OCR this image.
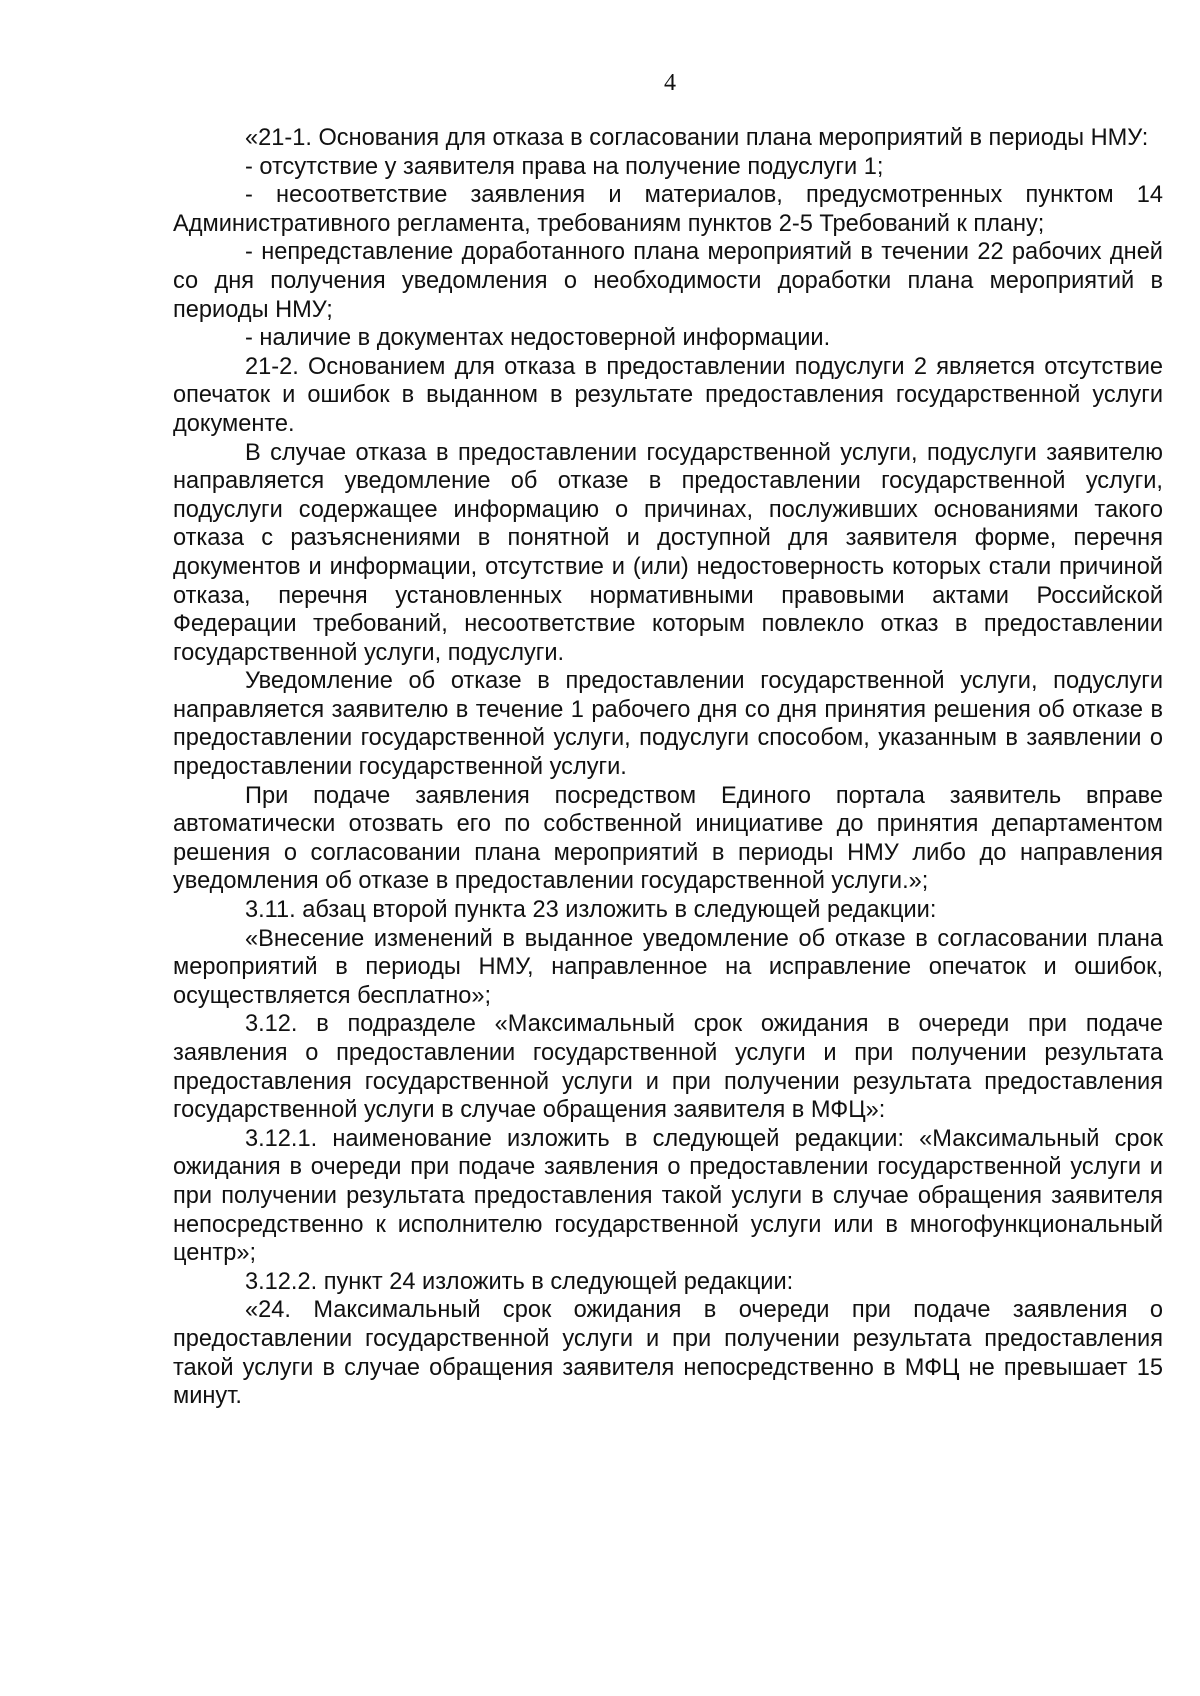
4

«21-1. Основания для отказа в согласовании плана мероприятий в периоды НМУ:

- отсутствие у заявителя права на получение подуслуги 1;

- несоответствие заявления и материалов, предусмотренных пунктом 14 Административного регламента, требованиям пунктов 2-5 Требований к плану;

- непредставление доработанного плана мероприятий в течении 22 рабочих дней со дня получения уведомления о необходимости доработки плана мероприятий в периоды НМУ;

- наличие в документах недостоверной информации.

21-2. Основанием для отказа в предоставлении подуслуги 2 является отсутствие опечаток и ошибок в выданном в результате предоставления государственной услуги документе.

В случае отказа в предоставлении государственной услуги, подуслуги заявителю направляется уведомление об отказе в предоставлении государственной услуги, подуслуги содержащее информацию о причинах, послуживших основаниями такого отказа с разъяснениями в понятной и доступной для заявителя форме, перечня документов и информации, отсутствие и (или) недостоверность которых стали причиной отказа, перечня установленных нормативными правовыми актами Российской Федерации требований, несоответствие которым повлекло отказ в предоставлении государственной услуги, подуслуги.

Уведомление об отказе в предоставлении государственной услуги, подуслуги направляется заявителю в течение 1 рабочего дня со дня принятия решения об отказе в предоставлении государственной услуги, подуслуги способом, указанным в заявлении о предоставлении государственной услуги.

При подаче заявления посредством Единого портала заявитель вправе автоматически отозвать его по собственной инициативе до принятия департаментом решения о согласовании плана мероприятий в периоды НМУ либо до направления уведомления об отказе в предоставлении государственной услуги.»;

3.11. абзац второй пункта 23 изложить в следующей редакции:

«Внесение изменений в выданное уведомление об отказе в согласовании плана мероприятий в периоды НМУ, направленное на исправление опечаток и ошибок, осуществляется бесплатно»;

3.12. в подразделе «Максимальный срок ожидания в очереди при подаче заявления о предоставлении государственной услуги и при получении результата предоставления государственной услуги и при получении результата предоставления государственной услуги в случае обращения заявителя в МФЦ»:

3.12.1. наименование изложить в следующей редакции: «Максимальный срок ожидания в очереди при подаче заявления о предоставлении государственной услуги и при получении результата предоставления такой услуги в случае обращения заявителя непосредственно к исполнителю государственной услуги или в многофункциональный центр»;

3.12.2. пункт 24 изложить в следующей редакции:

«24. Максимальный срок ожидания в очереди при подаче заявления о предоставлении государственной услуги и при получении результата предоставления такой услуги в случае обращения заявителя непосредственно в МФЦ не превышает 15 минут.
